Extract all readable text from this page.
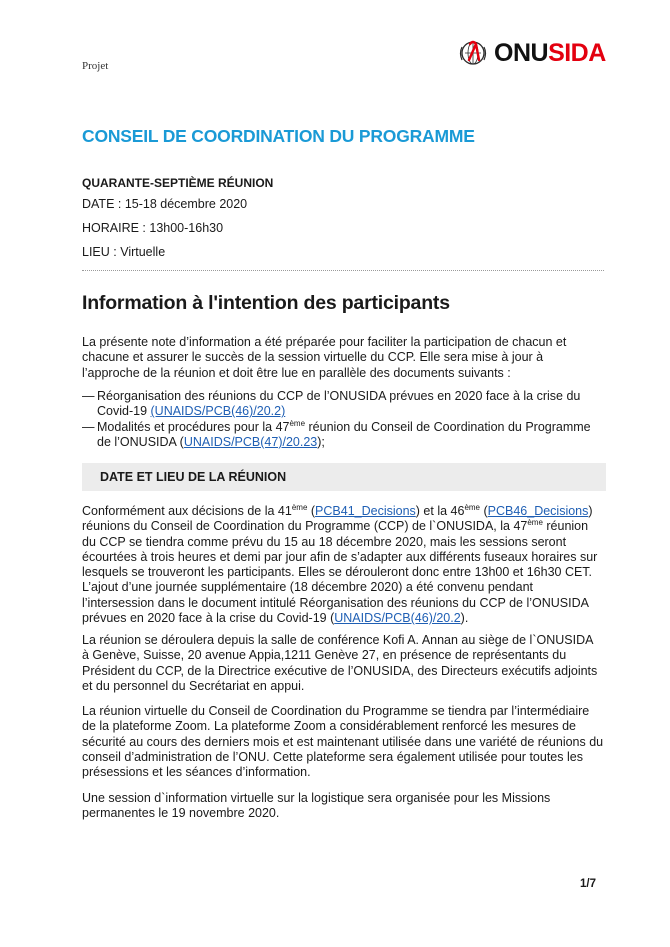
Projet	ONUSIDA
CONSEIL DE COORDINATION DU PROGRAMME
QUARANTE-SEPTIÈME RÉUNION
DATE : 15-18 décembre 2020
HORAIRE : 13h00-16h30
LIEU : Virtuelle
Information à l'intention des participants

La présente note d’information a été préparée pour faciliter la participation de chacun et

chacune et assurer le succès de la session virtuelle du CCP. Elle sera mise à jour à

l’approche de la réunion et doit être lue en parallèle des documents suivants :

— Réorganisation des réunions du CCP de l’ONUSIDA prévues en 2020 face à la crise du
Covid-19 (UNAIDS/PCB(46)/20.2)
— Modalités et procédures pour la 47ème réunion du Conseil de Coordination du Programme
de l’ONUSIDA (UNAIDS/PCB(47)/20.23);
DATE ET LIEU DE LA RÉUNION

Conformément aux décisions de la 41ème (PCB41_Decisions) et la 46ème (PCB46_Decisions)

réunions du Conseil de Coordination du Programme (CCP) de l`ONUSIDA, la 47ème réunion

du CCP se tiendra comme prévu du 15 au 18 décembre 2020, mais les sessions seront

écourtées à trois heures et demi par jour afin de s’adapter aux différents fuseaux horaires sur

lesquels se trouveront les participants. Elles se dérouleront donc entre 13h00 et 16h30 CET.

L’ajout d’une journée supplémentaire (18 décembre 2020) a été convenu pendant

l’intersession dans le document intitulé Réorganisation des réunions du CCP de l’ONUSIDA

prévues en 2020 face à la crise du Covid-19 (UNAIDS/PCB(46)/20.2).

La réunion se déroulera depuis la salle de conférence Kofi A. Annan au siège de l`ONUSIDA

à Genève, Suisse, 20 avenue Appia,1211 Genève 27, en présence de représentants du

Président du CCP, de la Directrice exécutive de l’ONUSIDA, des Directeurs exécutifs adjoints

et du personnel du Secrétariat en appui.

La réunion virtuelle du Conseil de Coordination du Programme se tiendra par l’intermédiaire

de la plateforme Zoom. La plateforme Zoom a considérablement renforcé les mesures de

sécurité au cours des derniers mois et est maintenant utilisée dans une variété de réunions du

conseil d’administration de l’ONU. Cette plateforme sera également utilisée pour toutes les

présessions et les séances d’information.

Une session d`information virtuelle sur la logistique sera organisée pour les Missions

permanentes le 19 novembre 2020.

1/7
